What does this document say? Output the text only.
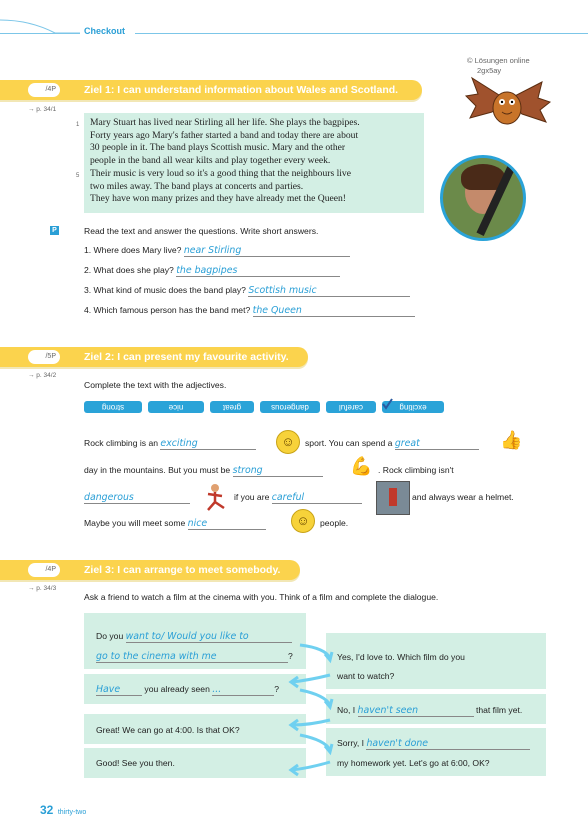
Checkout
© Lösungen online
2gx5ay
/4P	Ziel 1: I can understand information about Wales and Scotland.
→ p. 34/1
Mary Stuart has lived near Stirling all her life. She plays the bagpipes.
Forty years ago Mary's father started a band and today there are about
30 people in it. The band plays Scottish music. Mary and the other
people in the band all wear kilts and play together every week.
Their music is very loud so it's a good thing that the neighbours live
two miles away. The band plays at concerts and parties.
They have won many prizes and they have already met the Queen!
1
5
P	Read the text and answer the questions. Write short answers.
1. Where does Mary live? near Stirling
2. What does she play? the bagpipes
3. What kind of music does the band play? Scottish music
4. Which famous person has the band met? the Queen
/5P	Ziel 2: I can present my favourite activity.
→ p. 34/2
Complete the text with the adjectives.
exciting
careful
dangerous
great
nice
strong
Rock climbing is an exciting	☺	sport. You can spend a great	👍
day in the mountains. But you must be strong	💪 . Rock climbing isn't
dangerous	if you are careful	and always wear a helmet.
Maybe you will meet some nice	☺	people.
/4P	Ziel 3: I can arrange to meet somebody.
→ p. 34/3
Ask a friend to watch a film at the cinema with you. Think of a film and complete the dialogue.
Do you want to/ Would you like to
go to the cinema with me	?	Yes, I'd love to. Which film do you
want to watch?
Have	you already seen ...	?
No, I haven't seen	that film yet.
Great! We can go at 4:00. Is that OK?
Sorry, I haven't done
my homework yet. Let's go at 6:00, OK?
Good! See you then.
32 thirty-two
